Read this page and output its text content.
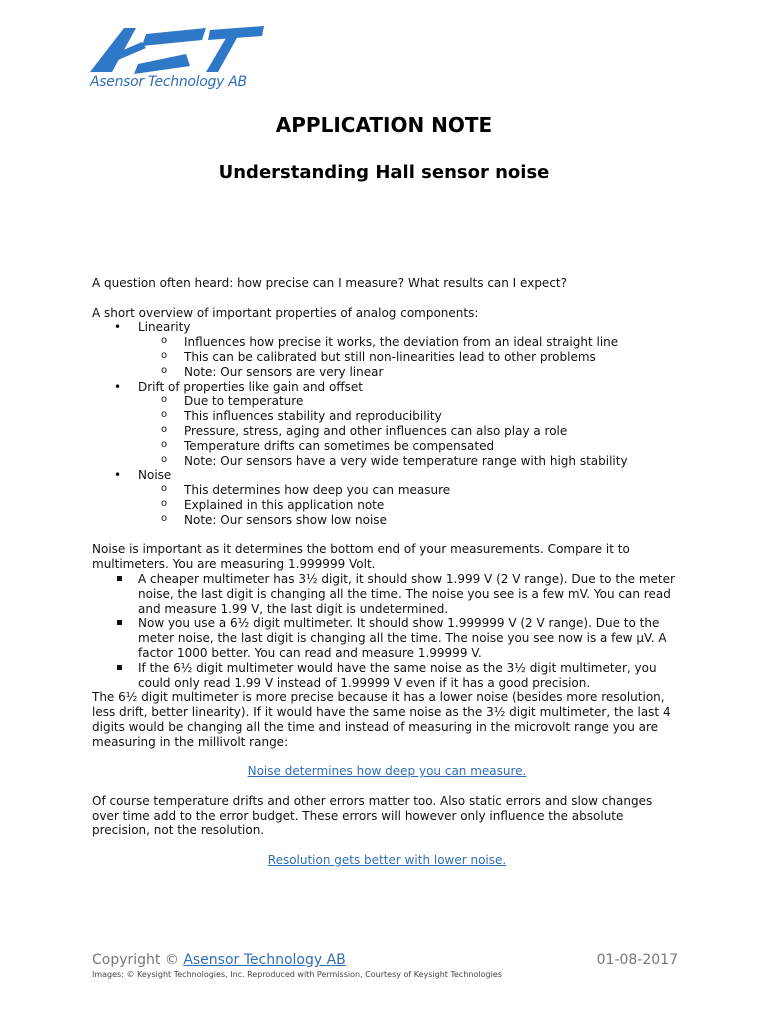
Asensor Technology AB
APPLICATION NOTE
Understanding Hall sensor noise

A question often heard: how precise can I measure? What results can I expect?

A short overview of important properties of analog components:

• Linearity
o Influences how precise it works, the deviation from an ideal straight line
o This can be calibrated but still non-linearities lead to other problems
o Note: Our sensors are very linear
• Drift of properties like gain and offset
o Due to temperature
o This influences stability and reproducibility
o Pressure, stress, aging and other influences can also play a role
o Temperature drifts can sometimes be compensated
o Note: Our sensors have a very wide temperature range with high stability
• Noise
o This determines how deep you can measure
o Explained in this application note
o Note: Our sensors show low noise

Noise is important as it determines the bottom end of your measurements. Compare it to multimeters. You are measuring 1.999999 Volt.

A cheaper multimeter has 3½ digit, it should show 1.999 V (2 V range). Due to the meter noise, the last digit is changing all the time. The noise you see is a few mV. You can read and measure 1.99 V, the last digit is undetermined.
Now you use a 6½ digit multimeter. It should show 1.999999 V (2 V range). Due to the meter noise, the last digit is changing all the time. The noise you see now is a few μV. A factor 1000 better. You can read and measure 1.99999 V.
If the 6½ digit multimeter would have the same noise as the 3½ digit multimeter, you could only read 1.99 V instead of 1.99999 V even if it has a good precision.

The 6½ digit multimeter is more precise because it has a lower noise (besides more resolution, less drift, better linearity). If it would have the same noise as the 3½ digit multimeter, the last 4 digits would be changing all the time and instead of measuring in the microvolt range you are measuring in the millivolt range:

Noise determines how deep you can measure.

Of course temperature drifts and other errors matter too. Also static errors and slow changes over time add to the error budget. These errors will however only influence the absolute precision, not the resolution.

Resolution gets better with lower noise.

Copyright © Asensor Technology AB	01-08-2017
Images: © Keysight Technologies, Inc. Reproduced with Permission, Courtesy of Keysight Technologies
